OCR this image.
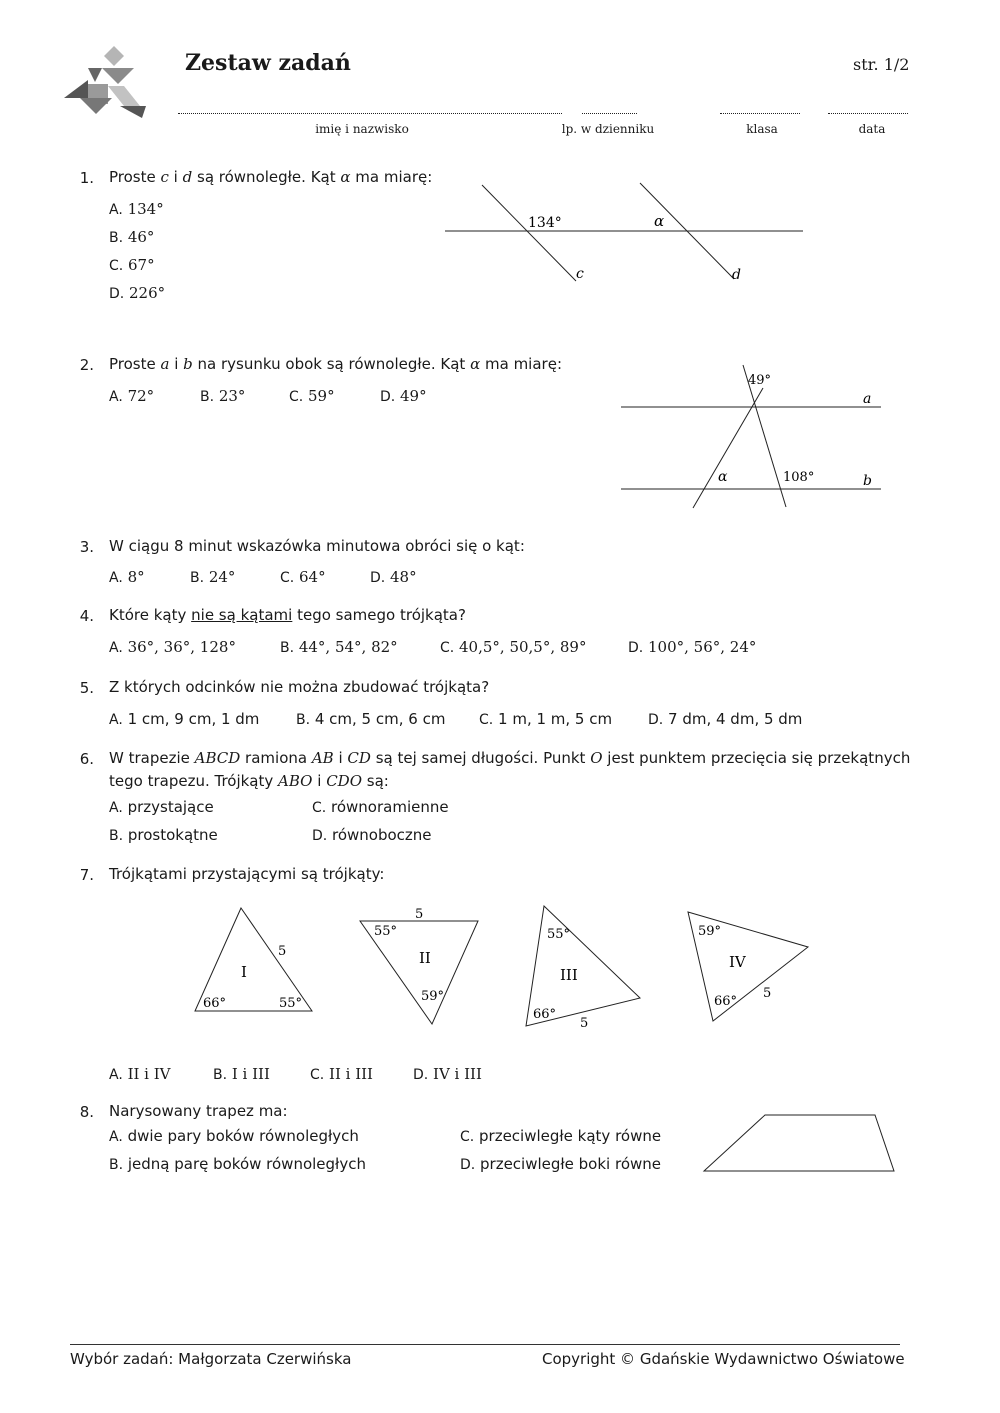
Zestaw zadań	str. 1/2
imię i nazwisko	lp. w dzienniku	klasa	data
1. Proste c i d są równoległe. Kąt α ma miarę:
A. 134°
B. 46°
C. 67°
D. 226°
134°	α
c	d
2. Proste a i b na rysunku obok są równoległe. Kąt α ma miarę:
A. 72°	B. 23°	C. 59°	D. 49°
49°
α	108°
a
b
3. W ciągu 8 minut wskazówka minutowa obróci się o kąt:
A. 8°	B. 24°	C. 64°	D. 48°
4. Które kąty nie są kątami tego samego trójkąta?
A. 36°, 36°, 128°	B. 44°, 54°, 82°	C. 40,5°, 50,5°, 89°	D. 100°, 56°, 24°
5. Z których odcinków nie można zbudować trójkąta?
A. 1 cm, 9 cm, 1 dm	B. 4 cm, 5 cm, 6 cm C. 1 m, 1 m, 5 cm	D. 7 dm, 4 dm, 5 dm
6. W trapezie ABCD ramiona AB i CD są tej samej długości. Punkt O jest punktem przecięcia się przekątnych
tego trapezu. Trójkąty ABO i CDO są:
A. przystające
B. prostokątne
C. równoramienne
D. równoboczne
7. Trójkątami przystającymi są trójkąty:
I
5
66°	55°
II
5
55°
59°
III
5
55°
66°
IV
5
59°
66°
A. II i IV	B. I i III	C. II i III	D. IV i III
8. Narysowany trapez ma:
A. dwie pary boków równoległych
B. jedną parę boków równoległych
C. przeciwległe kąty równe
D. przeciwległe boki równe
Wybór zadań: Małgorzata Czerwińska	Copyright © Gdańskie Wydawnictwo Oświatowe
